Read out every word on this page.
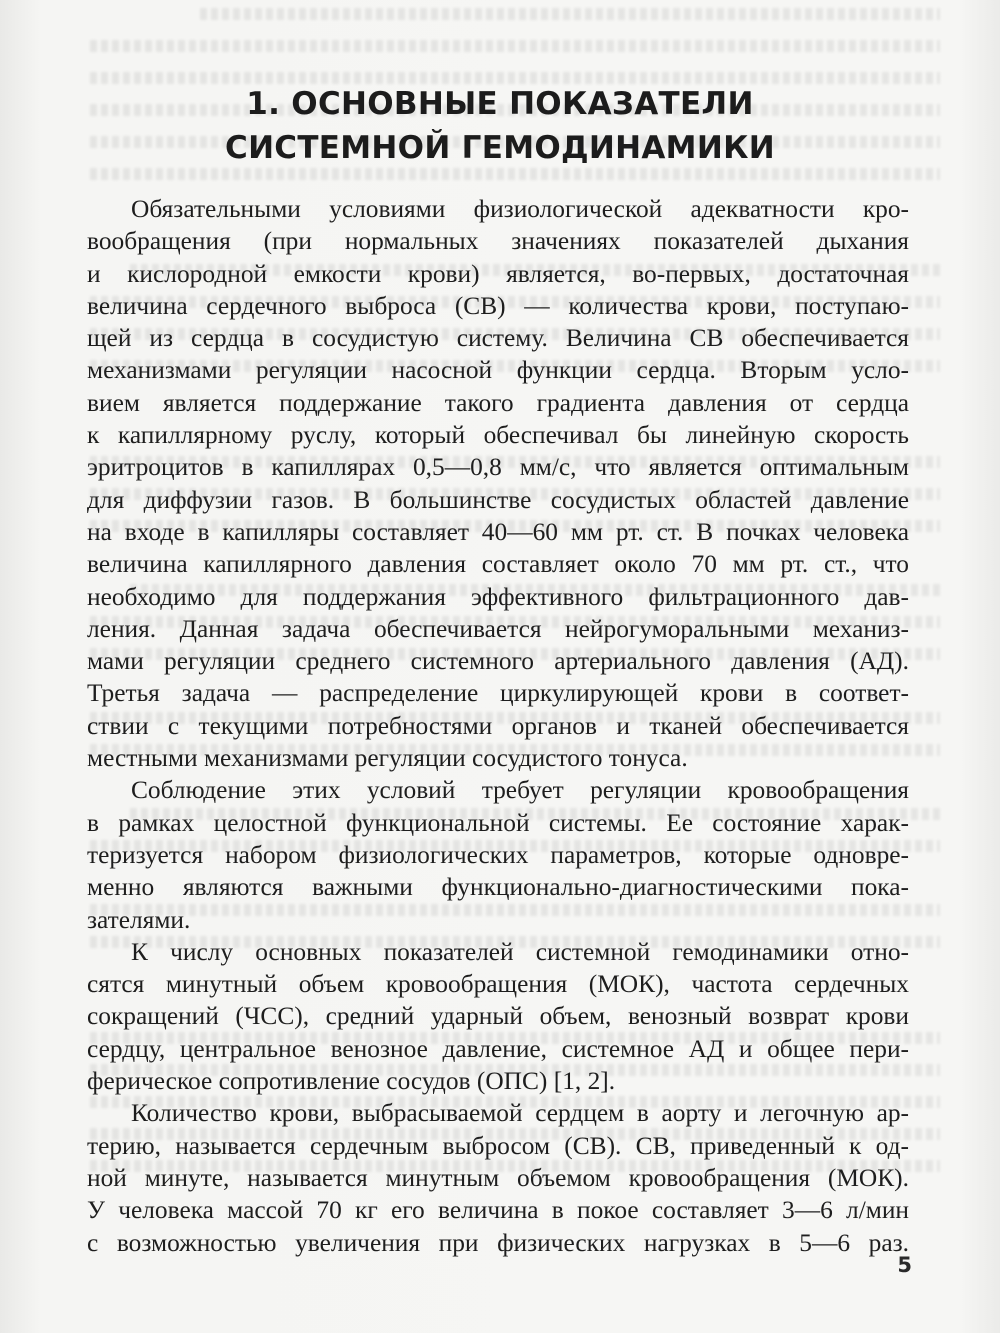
1. ОСНОВНЫЕ ПОКАЗАТЕЛИ
СИСТЕМНОЙ ГЕМОДИНАМИКИ
Обязательными условиями физиологической адекватности кро-
вообращения (при нормальных значениях показателей дыхания
и кислородной емкости крови) является, во-первых, достаточная
величина сердечного выброса (СВ) — количества крови, поступаю-
щей из сердца в сосудистую систему. Величина СВ обеспечивается
механизмами регуляции насосной функции сердца. Вторым усло-
вием является поддержание такого градиента давления от сердца
к капиллярному руслу, который обеспечивал бы линейную скорость
эритроцитов в капиллярах 0,5—0,8 мм/с, что является оптимальным
для диффузии газов. В большинстве сосудистых областей давление
на входе в капилляры составляет 40—60 мм рт. ст. В почках человека
величина капиллярного давления составляет около 70 мм рт. ст., что
необходимо для поддержания эффективного фильтрационного дав-
ления. Данная задача обеспечивается нейрогуморальными механиз-
мами регуляции среднего системного артериального давления (АД).
Третья задача — распределение циркулирующей крови в соответ-
ствии с текущими потребностями органов и тканей обеспечивается
местными механизмами регуляции сосудистого тонуса.
Соблюдение этих условий требует регуляции кровообращения
в рамках целостной функциональной системы. Ее состояние харак-
теризуется набором физиологических параметров, которые одновре-
менно являются важными функционально-диагностическими пока-
зателями.
К числу основных показателей системной гемодинамики отно-
сятся минутный объем кровообращения (МОК), частота сердечных
сокращений (ЧСС), средний ударный объем, венозный возврат крови
сердцу, центральное венозное давление, системное АД и общее пери-
ферическое сопротивление сосудов (ОПС) [1, 2].
Количество крови, выбрасываемой сердцем в аорту и легочную ар-
терию, называется сердечным выбросом (СВ). СВ, приведенный к од-
ной минуте, называется минутным объемом кровообращения (МОК).
У человека массой 70 кг его величина в покое составляет 3—6 л/мин
с возможностью увеличения при физических нагрузках в 5—6 раз.
5
